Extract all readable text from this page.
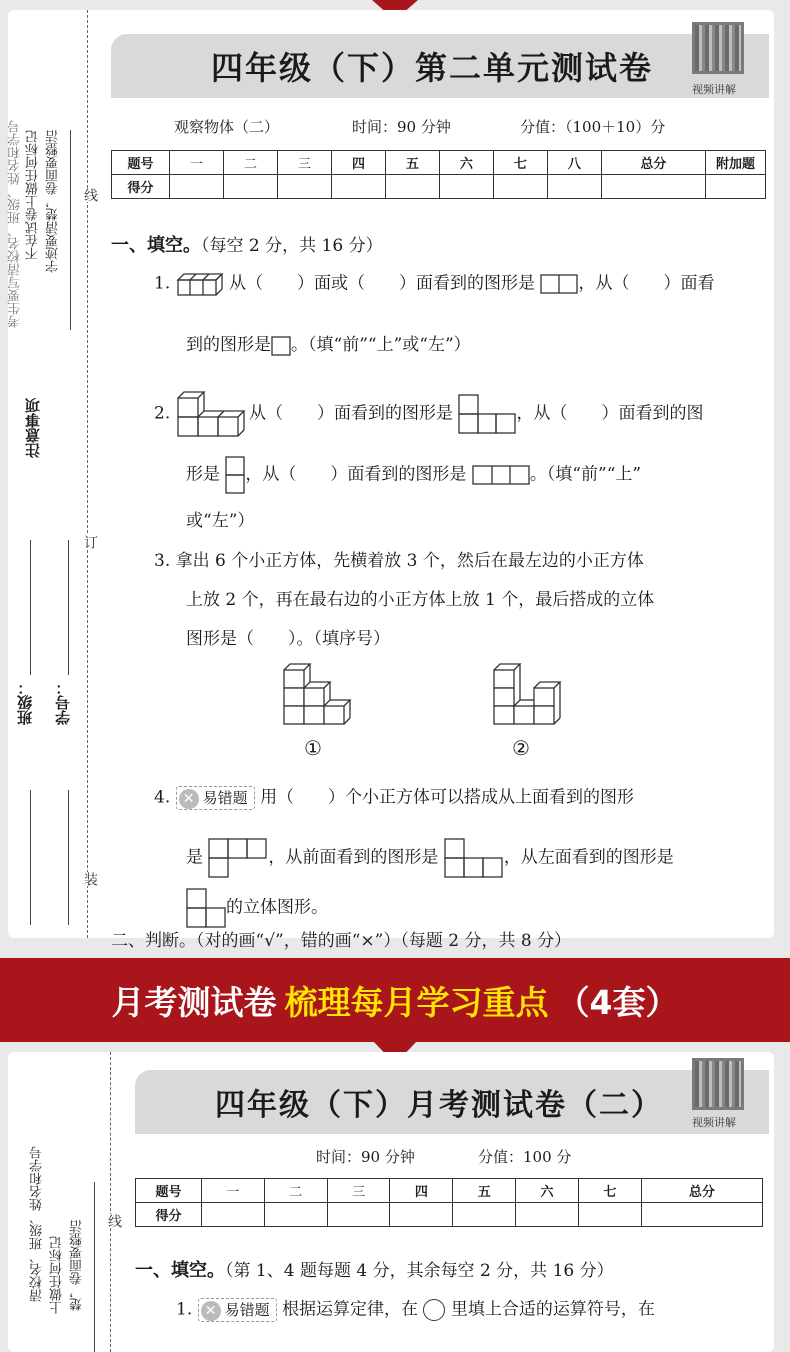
考生要写清校名、班级、姓名和学号 不在试卷上做任何标记 字迹要清楚，卷面要整洁
注意事项
班级： 学号：
线
订
装
四年级（下）第二单元测试卷
视频讲解
观察物体（二）	时间：90 分钟	分值：（100＋10）分
题号	一	二	三	四	五	六	七	八	总分	附加题
得分										
一、填空。（每空 2 分，共 16 分）
1.	从（　　）面或（　　）面看到的图形是	，从（　　）面看
到的图形是 。（填“前”“上”或“左”）
2.	从（　　）面看到的图形是	，从（　　）面看到的图
形是 ，从（　　）面看到的图形是	。（填“前”“上”
或“左”）
3. 拿出 6 个小正方体，先横着放 3 个，然后在最左边的小正方体
上放 2 个，再在最右边的小正方体上放 1 个，最后搭成的立体
图形是（　　）。（填序号）
①	②
4. ✕ 易错题 用（　　）个小正方体可以搭成从上面看到的图形
是	，从前面看到的图形是	，从左面看到的图形是
的立体图形。
二、判断。（对的画“√”，错的画“×”）（每题 2 分，共 8 分）
月考测试卷 梳理每月学习重点 （4套）
清校名、班级、姓名和学号 上做任何标记 楚，卷面要整洁 线
四年级（下）月考测试卷（二）	视频讲解
时间：90 分钟	分值：100 分
题号	一	二	三	四	五	六	七	总分
得分								
一、填空。（第 1、4 题每题 4 分，其余每空 2 分，共 16 分）
1. ✕ 易错题 根据运算定律，在 里填上合适的运算符号，在
